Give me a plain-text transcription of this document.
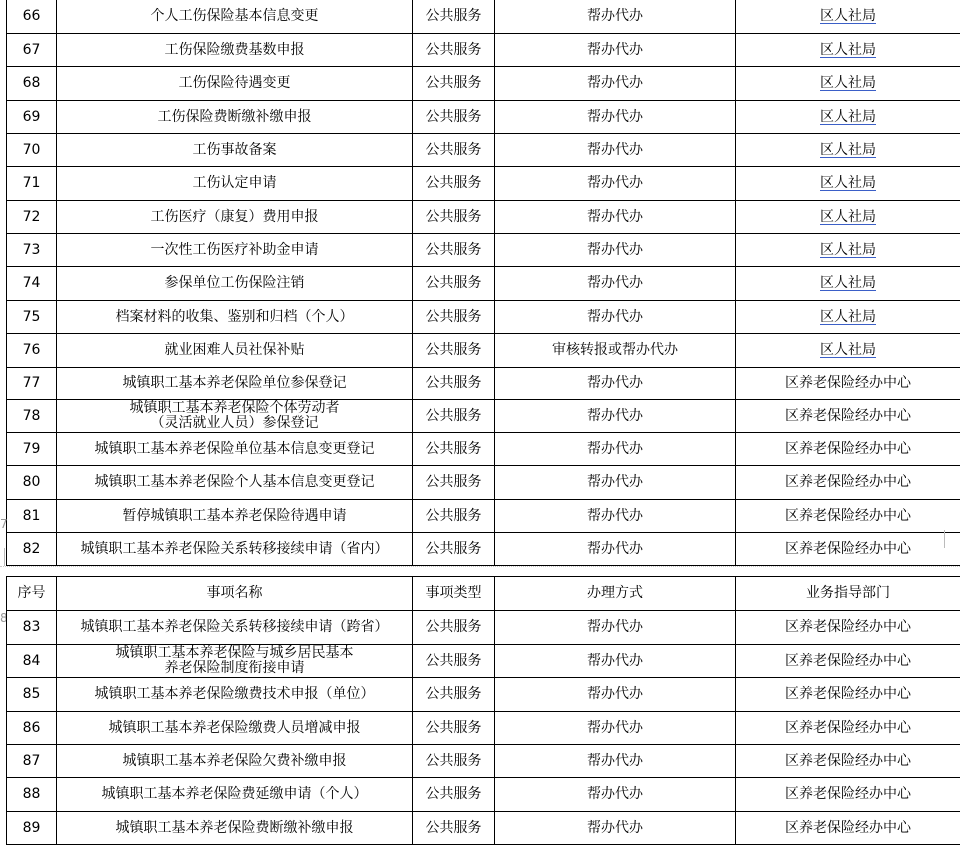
66	个人工伤保险基本信息变更	公共服务	帮办代办	区人社局
67	工伤保险缴费基数申报	公共服务	帮办代办	区人社局
68	工伤保险待遇变更	公共服务	帮办代办	区人社局
69	工伤保险费断缴补缴申报	公共服务	帮办代办	区人社局
70	工伤事故备案	公共服务	帮办代办	区人社局
71	工伤认定申请	公共服务	帮办代办	区人社局
72	工伤医疗（康复）费用申报	公共服务	帮办代办	区人社局
73	一次性工伤医疗补助金申请	公共服务	帮办代办	区人社局
74	参保单位工伤保险注销	公共服务	帮办代办	区人社局
75	档案材料的收集、鉴别和归档（个人）	公共服务	帮办代办	区人社局
76	就业困难人员社保补贴	公共服务	审核转报或帮办代办	区人社局
77	城镇职工基本养老保险单位参保登记	公共服务	帮办代办	区养老保险经办中心
78	城镇职工基本养老保险个体劳动者
（灵活就业人员）参保登记	公共服务	帮办代办	区养老保险经办中心
79	城镇职工基本养老保险单位基本信息变更登记	公共服务	帮办代办	区养老保险经办中心
80	城镇职工基本养老保险个人基本信息变更登记	公共服务	帮办代办	区养老保险经办中心
81	暂停城镇职工基本养老保险待遇申请	公共服务	帮办代办	区养老保险经办中心
82	城镇职工基本养老保险关系转移接续申请（省内）	公共服务	帮办代办	区养老保险经办中心
7
8
序号	事项名称	事项类型	办理方式	业务指导部门
83	城镇职工基本养老保险关系转移接续申请（跨省）	公共服务	帮办代办	区养老保险经办中心
84	城镇职工基本养老保险与城乡居民基本
养老保险制度衔接申请	公共服务	帮办代办	区养老保险经办中心
85	城镇职工基本养老保险缴费技术申报（单位）	公共服务	帮办代办	区养老保险经办中心
86	城镇职工基本养老保险缴费人员增减申报	公共服务	帮办代办	区养老保险经办中心
87	城镇职工基本养老保险欠费补缴申报	公共服务	帮办代办	区养老保险经办中心
88	城镇职工基本养老保险费延缴申请（个人）	公共服务	帮办代办	区养老保险经办中心
89	城镇职工基本养老保险费断缴补缴申报	公共服务	帮办代办	区养老保险经办中心
